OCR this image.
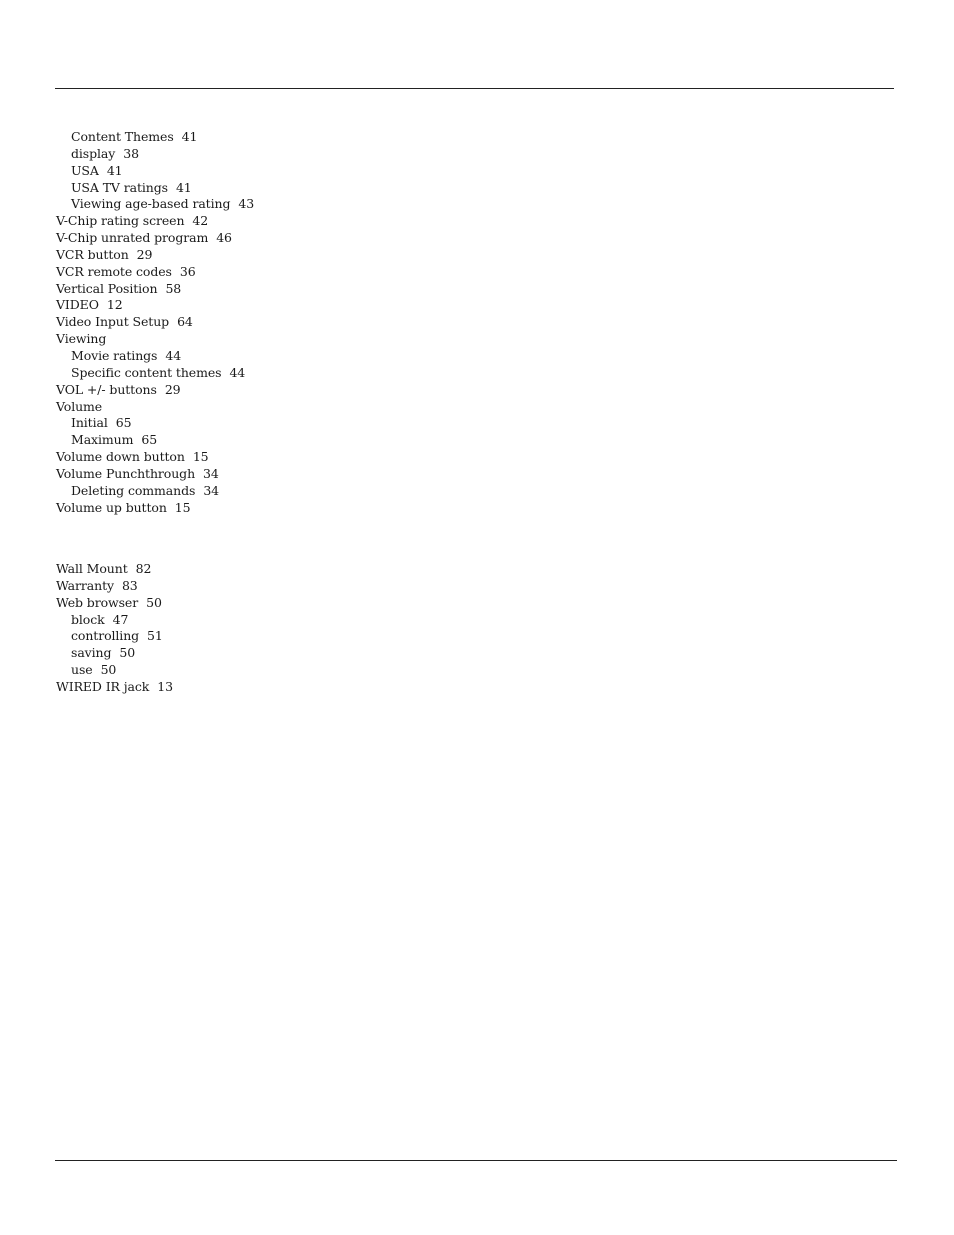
Content Themes 41
display 38
USA 41
USA TV ratings 41
Viewing age-based rating 43
V-Chip rating screen 42
V-Chip unrated program 46
VCR button 29
VCR remote codes 36
Vertical Position 58
VIDEO 12
Video Input Setup 64
Viewing
Movie ratings 44
Specific content themes 44
VOL +/- buttons 29
Volume
Initial 65
Maximum 65
Volume down button 15
Volume Punchthrough 34
Deleting commands 34
Volume up button 15
Wall Mount 82
Warranty 83
Web browser 50
block 47
controlling 51
saving 50
use 50
WIRED IR jack 13
